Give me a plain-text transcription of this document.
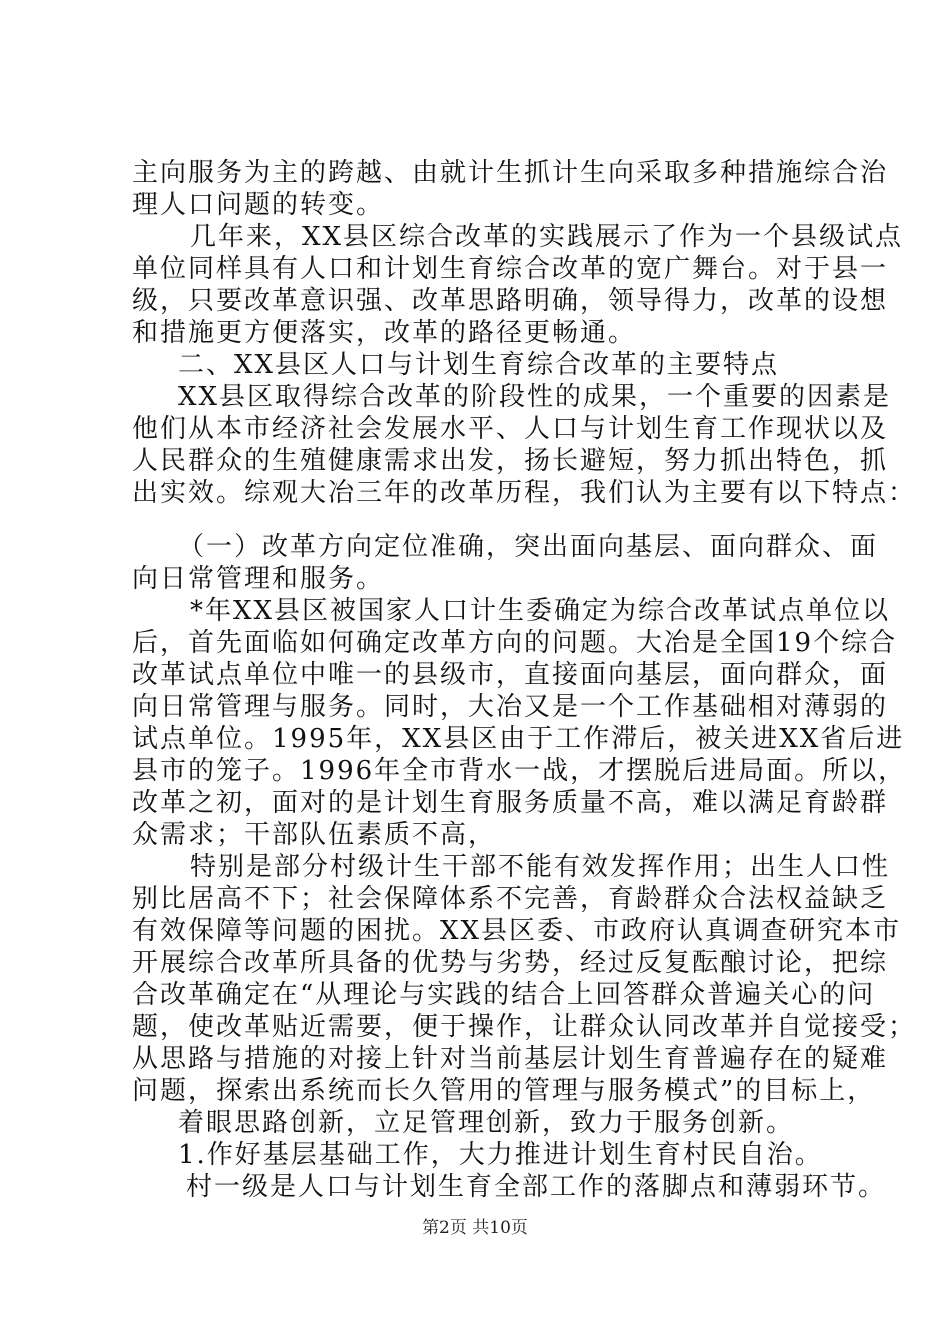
主向服务为主的跨越、由就计生抓计生向采取多种措施综合治
理人口问题的转变。
几年来，XX县区综合改革的实践展示了作为一个县级试点
单位同样具有人口和计划生育综合改革的宽广舞台。对于县一
级，只要改革意识强、改革思路明确，领导得力，改革的设想
和措施更方便落实，改革的路径更畅通。
二、XX县区人口与计划生育综合改革的主要特点
XX县区取得综合改革的阶段性的成果，一个重要的因素是
他们从本市经济社会发展水平、人口与计划生育工作现状以及
人民群众的生殖健康需求出发，扬长避短，努力抓出特色，抓
出实效。综观大冶三年的改革历程，我们认为主要有以下特点：
（一）改革方向定位准确，突出面向基层、面向群众、面
向日常管理和服务。
*年XX县区被国家人口计生委确定为综合改革试点单位以
后，首先面临如何确定改革方向的问题。大冶是全国19个综合
改革试点单位中唯一的县级市，直接面向基层，面向群众，面
向日常管理与服务。同时，大冶又是一个工作基础相对薄弱的
试点单位。1995年，XX县区由于工作滞后，被关进XX省后进
县市的笼子。1996年全市背水一战，才摆脱后进局面。所以，
改革之初，面对的是计划生育服务质量不高，难以满足育龄群
众需求；干部队伍素质不高，
特别是部分村级计生干部不能有效发挥作用；出生人口性
别比居高不下；社会保障体系不完善，育龄群众合法权益缺乏
有效保障等问题的困扰。XX县区委、市政府认真调查研究本市
开展综合改革所具备的优势与劣势，经过反复酝酿讨论，把综
合改革确定在“从理论与实践的结合上回答群众普遍关心的问
题，使改革贴近需要，便于操作，让群众认同改革并自觉接受；
从思路与措施的对接上针对当前基层计划生育普遍存在的疑难
问题，探索出系统而长久管用的管理与服务模式”的目标上，
着眼思路创新，立足管理创新，致力于服务创新。
1.作好基层基础工作，大力推进计划生育村民自治。
村一级是人口与计划生育全部工作的落脚点和薄弱环节。
第2页 共10页
